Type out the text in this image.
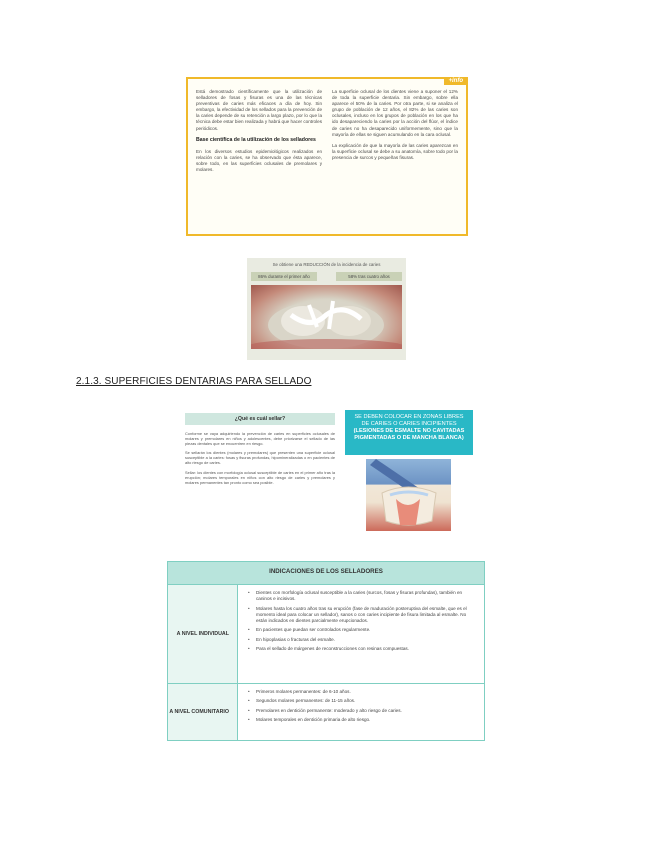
+info

Está demostrado científicamente que la utilización de selladores de fosas y fisuras es una de las técnicas preventivas de caries más eficaces a día de hoy. Sin embargo, la efectividad de los sellados para la prevención de la caries depende de su retención a largo plazo, por lo que la técnica debe estar bien realizada y habrá que hacer controles periódicos.

Base científica de la utilización de los selladores

En los diversos estudios epidemiológicos realizados en relación con la caries, se ha observado que ésta aparece, sobre todo, en las superficies oclusales de premolares y molares.

La superficie oclusal de los dientes viene a suponer el 12% de toda la superficie dentaria. Sin embargo, sobre ella aparece el 50% de la caries. Por otra parte, si se analiza el grupo de población de 12 años, el 82% de las caries son oclusales, incluso en los grupos de población en los que ha ido desapareciendo la caries por la acción del flúor, el índice de caries no ha desaparecido uniformemente, sino que la mayoría de ellas se siguen acumulando en la cara oclusal.

La explicación de que la mayoría de las caries aparezcan en la superficie oclusal se debe a su anatomía, sobre todo por la presencia de surcos y pequeñas fisuras.

Se obtiene una REDUCCIÓN de la incidencia de caries
86% durante el primer año	58% tras cuatro años
2.1.3. SUPERFICIES DENTARIAS PARA SELLADO
¿Qué es cuál sellar?

Conforme se vaya adquiriendo la prevención de caries en superficies oclusales de molares y premolares en niños y adolescentes, debe priorizarse el sellado de las piezas dentales que se encuentren en riesgo.

Se sellarán los dientes (molares y premolares) que presenten una superficie oclusal susceptible a la caries: fosas y fisuras profundas, hipomineralizadas o en pacientes de alto riesgo de caries.

Sellar: los dientes con morfología oclusal susceptible de caries en el primer año tras la erupción; molares temporales en niños con alto riesgo de caries y premolares y molares permanentes tan pronto como sea posible.

SE DEBEN COLOCAR EN ZONAS LIBRES DE CARIES O CARIES INCIPIENTES (LESIONES DE ESMALTE NO CAVITADAS PIGMENTADAS O DE MANCHA BLANCA)
INDICACIONES DE LOS SELLADORES
A NIVEL INDIVIDUAL
• Dientes con morfología oclusal susceptible a la caries (surcos, fosas y fisuras profundas), también en caninos e incisivos.
• Molares hasta los cuatro años tras su erupción (fase de maduración posteruptiva del esmalte, que es el momento ideal para colocar un sellador), sanos o con caries incipiente de fisura limitada al esmalte. No están indicados en dientes parcialmente erupcionados.
• En pacientes que puedan ser controlados regularmente.
• En hipoplasias o fracturas del esmalte.
• Para el sellado de márgenes de reconstrucciones con resinas compuestas.
A NIVEL COMUNITARIO
• Primeros molares permanentes: de 6-10 años.
• Segundos molares permanentes: de 11-15 años.
• Premolares en dentición permanente: moderado y alto riesgo de caries.
• Molares temporales en dentición primaria de alto riesgo.
